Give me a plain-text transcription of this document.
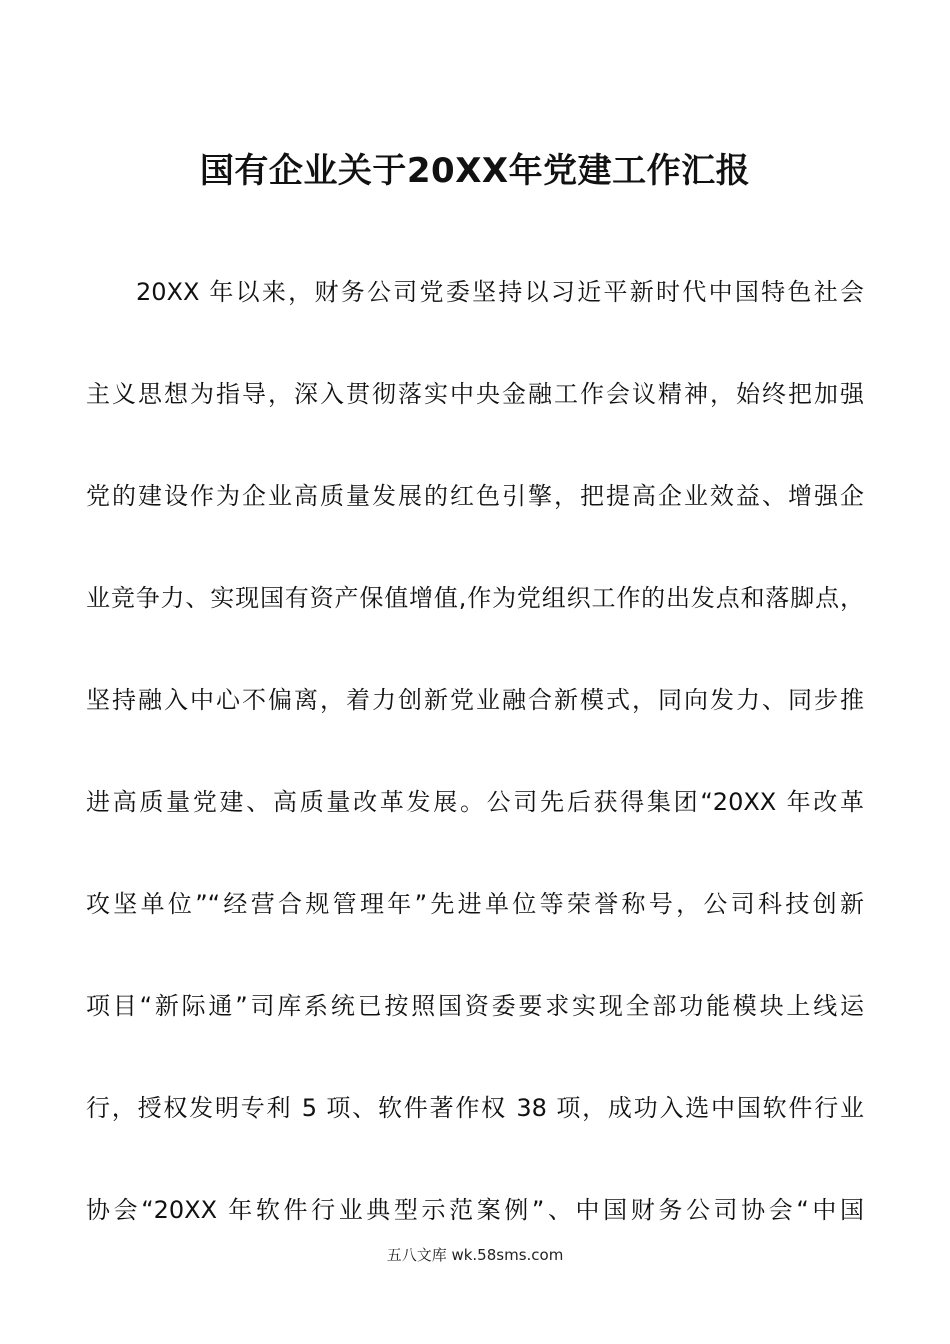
国有企业关于20XX年党建工作汇报
20XX 年以来，财务公司党委坚持以习近平新时代中国特色社会
主义思想为指导，深入贯彻落实中央金融工作会议精神，始终把加强
党的建设作为企业高质量发展的红色引擎，把提高企业效益、增强企
业竞争力、实现国有资产保值增值,作为党组织工作的出发点和落脚点，
坚持融入中心不偏离，着力创新党业融合新模式，同向发力、同步推
进高质量党建、高质量改革发展。公司先后获得集团“20XX 年改革
攻坚单位”“经营合规管理年”先进单位等荣誉称号，公司科技创新
项目“新际通”司库系统已按照国资委要求实现全部功能模块上线运
行，授权发明专利 5 项、软件著作权 38 项，成功入选中国软件行业
协会“20XX 年软件行业典型示范案例”、中国财务公司协会“中国
五八文库 wk.58sms.com
